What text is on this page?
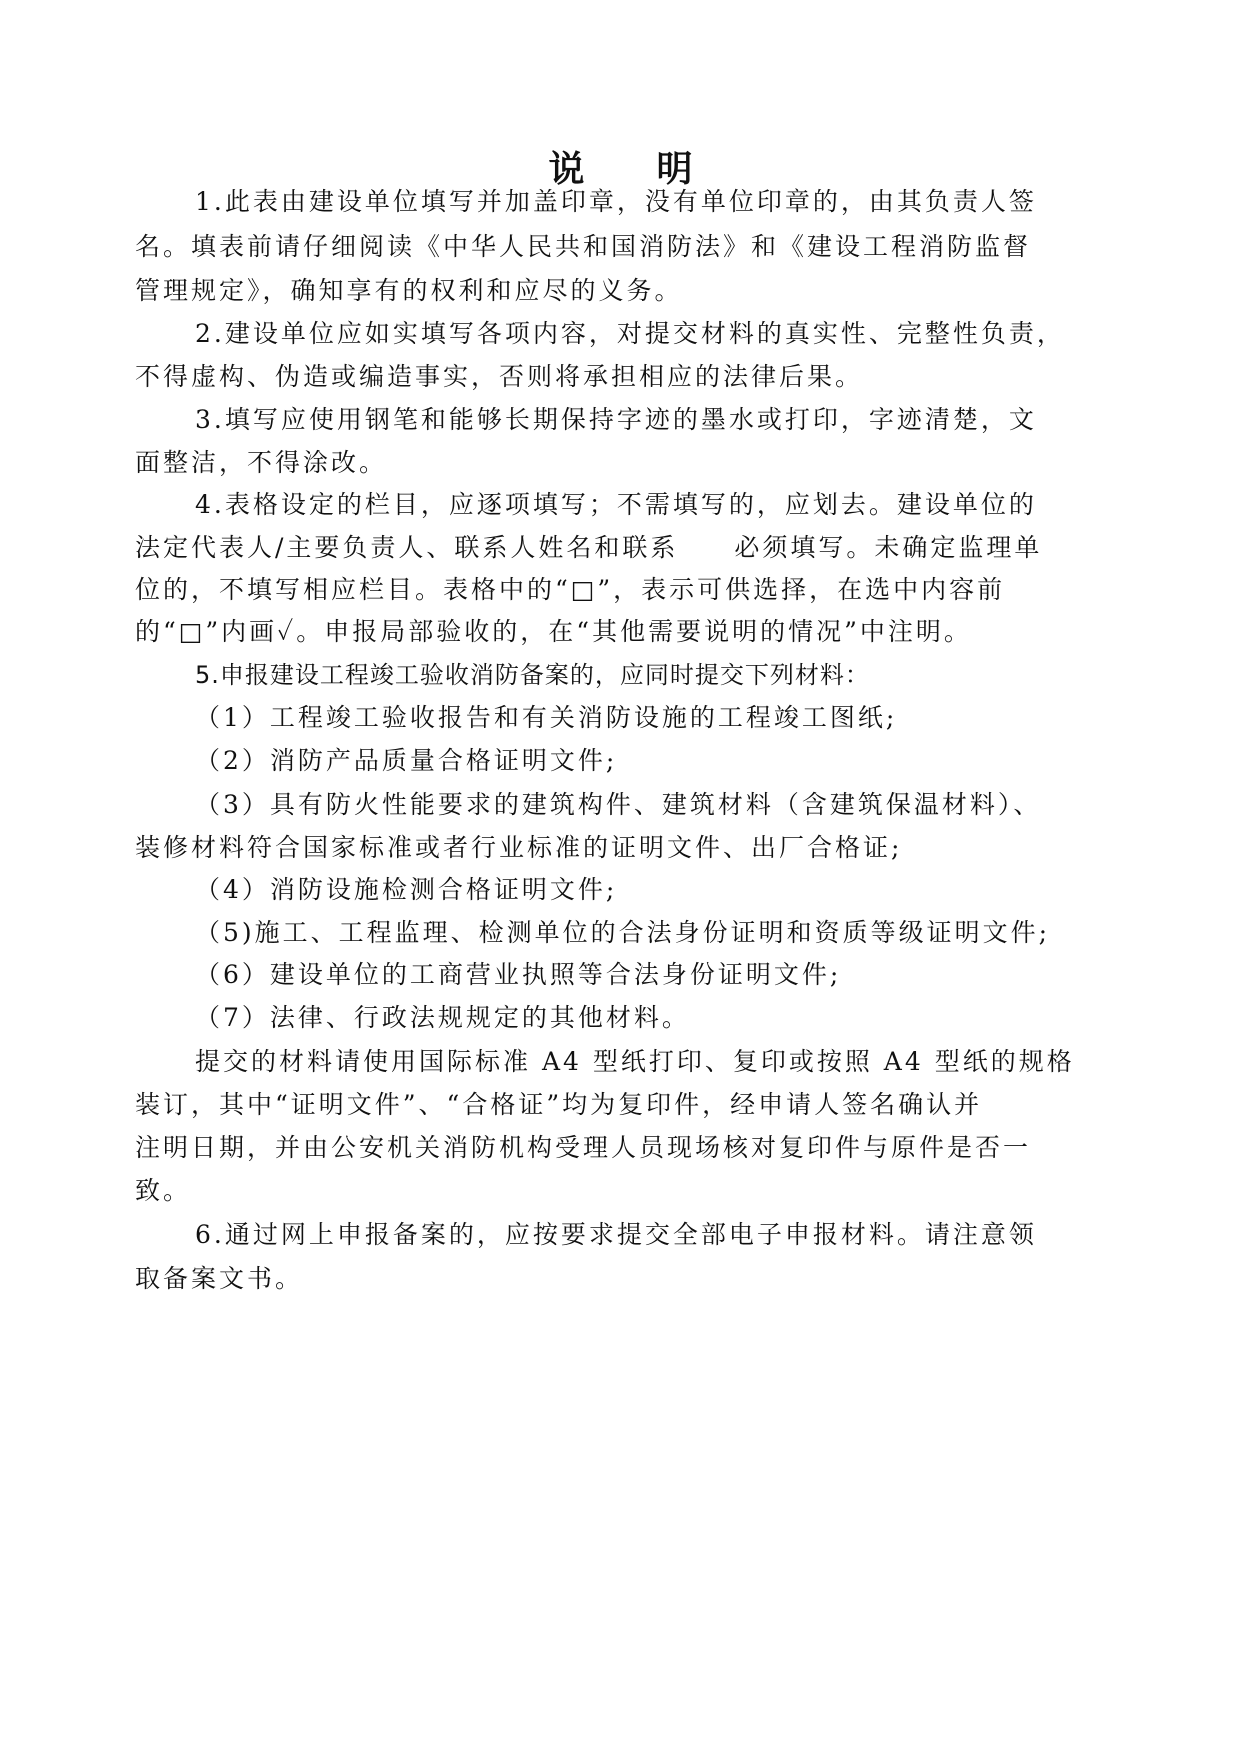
说　　明
1.此表由建设单位填写并加盖印章，没有单位印章的，由其负责人签
名。填表前请仔细阅读《中华人民共和国消防法》和《建设工程消防监督
管理规定》，确知享有的权利和应尽的义务。
2.建设单位应如实填写各项内容，对提交材料的真实性、完整性负责，
不得虚构、伪造或编造事实，否则将承担相应的法律后果。
3.填写应使用钢笔和能够长期保持字迹的墨水或打印，字迹清楚，文
面整洁，不得涂改。
4.表格设定的栏目，应逐项填写；不需填写的，应划去。建设单位的
法定代表人/主要负责人、联系人姓名和联系　　必须填写。未确定监理单
位的，不填写相应栏目。表格中的“□”，表示可供选择，在选中内容前
的“□”内画✓。申报局部验收的，在“其他需要说明的情况”中注明。
5.申报建设工程竣工验收消防备案的，应同时提交下列材料：
（1）工程竣工验收报告和有关消防设施的工程竣工图纸;
（2）消防产品质量合格证明文件;
（3）具有防火性能要求的建筑构件、建筑材料（含建筑保温材料）、
装修材料符合国家标准或者行业标准的证明文件、出厂合格证;
（4）消防设施检测合格证明文件;
（5)施工、工程监理、检测单位的合法身份证明和资质等级证明文件;
（6）建设单位的工商营业执照等合法身份证明文件;
（7）法律、行政法规规定的其他材料。
提交的材料请使用国际标准 A4 型纸打印、复印或按照 A4 型纸的规格
装订，其中“证明文件”、“合格证”均为复印件，经申请人签名确认并
注明日期，并由公安机关消防机构受理人员现场核对复印件与原件是否一
致。
6.通过网上申报备案的，应按要求提交全部电子申报材料。请注意领
取备案文书。
